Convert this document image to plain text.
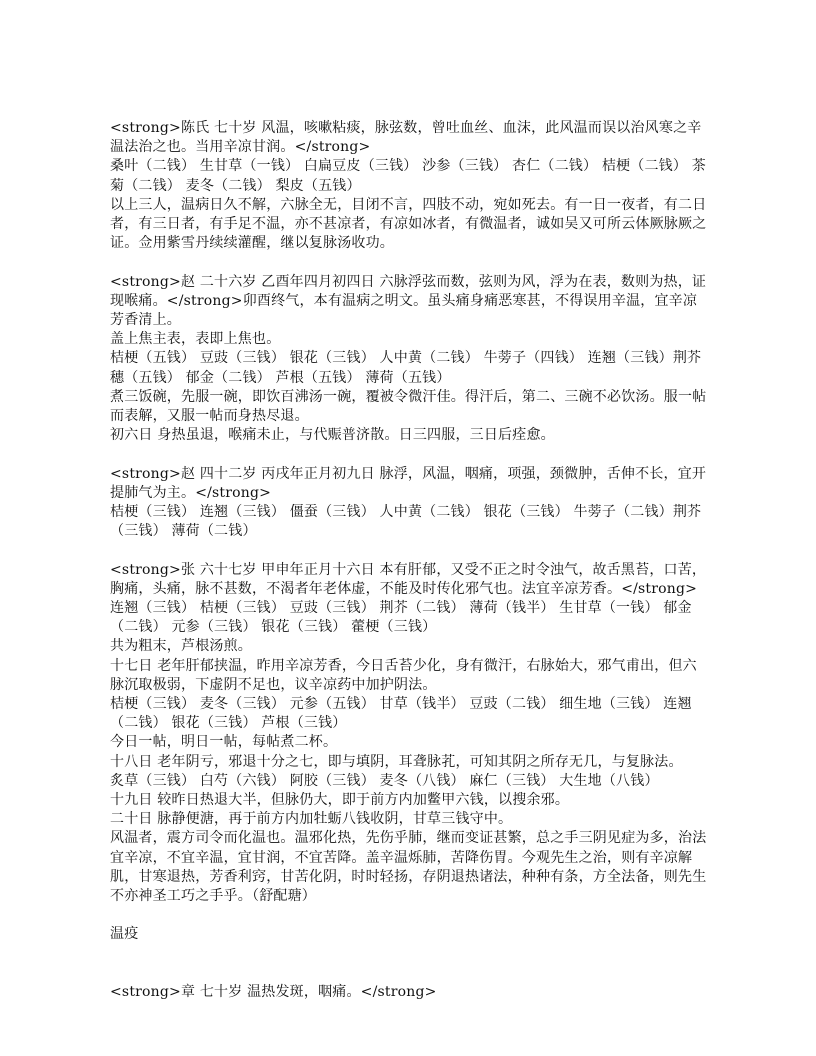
<strong>陈氏 七十岁 风温，咳嗽粘痰，脉弦数，曾吐血丝、血沫，此风温而误以治风寒之辛温法治之也。当用辛凉甘润。</strong>

桑叶（二钱） 生甘草（一钱） 白扁豆皮（三钱） 沙参（三钱） 杏仁（二钱） 桔梗（二钱） 茶菊（二钱） 麦冬（二钱） 梨皮（五钱）

以上三人，温病日久不解，六脉全无，目闭不言，四肢不动，宛如死去。有一日一夜者，有二日者，有三日者，有手足不温，亦不甚凉者，有凉如冰者，有微温者，诚如吴又可所云体厥脉厥之证。佥用紫雪丹续续灌醒，继以复脉汤收功。

<strong>赵 二十六岁 乙酉年四月初四日 六脉浮弦而数，弦则为风，浮为在表，数则为热，证现喉痛。</strong>卯酉终气，本有温病之明文。虽头痛身痛恶寒甚，不得误用辛温，宜辛凉芳香清上。

盖上焦主表，表即上焦也。

桔梗（五钱） 豆豉（三钱） 银花（三钱） 人中黄（二钱） 牛蒡子（四钱） 连翘（三钱）荆芥穗（五钱） 郁金（二钱） 芦根（五钱） 薄荷（五钱）

煮三饭碗，先服一碗，即饮百沸汤一碗，覆被令微汗佳。得汗后，第二、三碗不必饮汤。服一帖而表解，又服一帖而身热尽退。

初六日 身热虽退，喉痛未止，与代赈普济散。日三四服，三日后痊愈。

<strong>赵 四十二岁 丙戌年正月初九日 脉浮，风温，咽痛，项强，颈微肿，舌伸不长，宜开提肺气为主。</strong>

桔梗（三钱） 连翘（三钱） 僵蚕（三钱） 人中黄（二钱） 银花（三钱） 牛蒡子（二钱）荆芥（三钱） 薄荷（二钱）

<strong>张 六十七岁 甲申年正月十六日 本有肝郁，又受不正之时令浊气，故舌黑苔，口苦，胸痛，头痛，脉不甚数，不渴者年老体虚，不能及时传化邪气也。法宜辛凉芳香。</strong>

连翘（三钱） 桔梗（三钱） 豆豉（三钱） 荆芥（二钱） 薄荷（钱半） 生甘草（一钱） 郁金（二钱） 元参（三钱） 银花（三钱） 藿梗（三钱）

共为粗末，芦根汤煎。

十七日 老年肝郁挟温，昨用辛凉芳香，今日舌苔少化，身有微汗，右脉始大，邪气甫出，但六脉沉取极弱，下虚阴不足也，议辛凉药中加护阴法。

桔梗（三钱） 麦冬（三钱） 元参（五钱） 甘草（钱半） 豆豉（二钱） 细生地（三钱） 连翘（二钱） 银花（三钱） 芦根（三钱）

今日一帖，明日一帖，每帖煮二杯。

十八日 老年阴亏，邪退十分之七，即与填阴，耳聋脉芤，可知其阴之所存无几，与复脉法。

炙草（三钱） 白芍（六钱） 阿胶（三钱） 麦冬（八钱） 麻仁（三钱） 大生地（八钱）

十九日 较昨日热退大半，但脉仍大，即于前方内加鳖甲六钱，以搜余邪。

二十日 脉静便溏，再于前方内加牡蛎八钱收阴，甘草三钱守中。

风温者，震方司令而化温也。温邪化热，先伤乎肺，继而变证甚繁，总之手三阴见症为多，治法宜辛凉，不宜辛温，宜甘润，不宜苦降。盖辛温烁肺，苦降伤胃。今观先生之治，则有辛凉解肌，甘寒退热，芳香利窍，甘苦化阴，时时轻扬，存阴退热诸法，种种有条，方全法备，则先生不亦神圣工巧之手乎。（舒配瑭）

温疫

<strong>章 七十岁 温热发斑，咽痛。</strong>
